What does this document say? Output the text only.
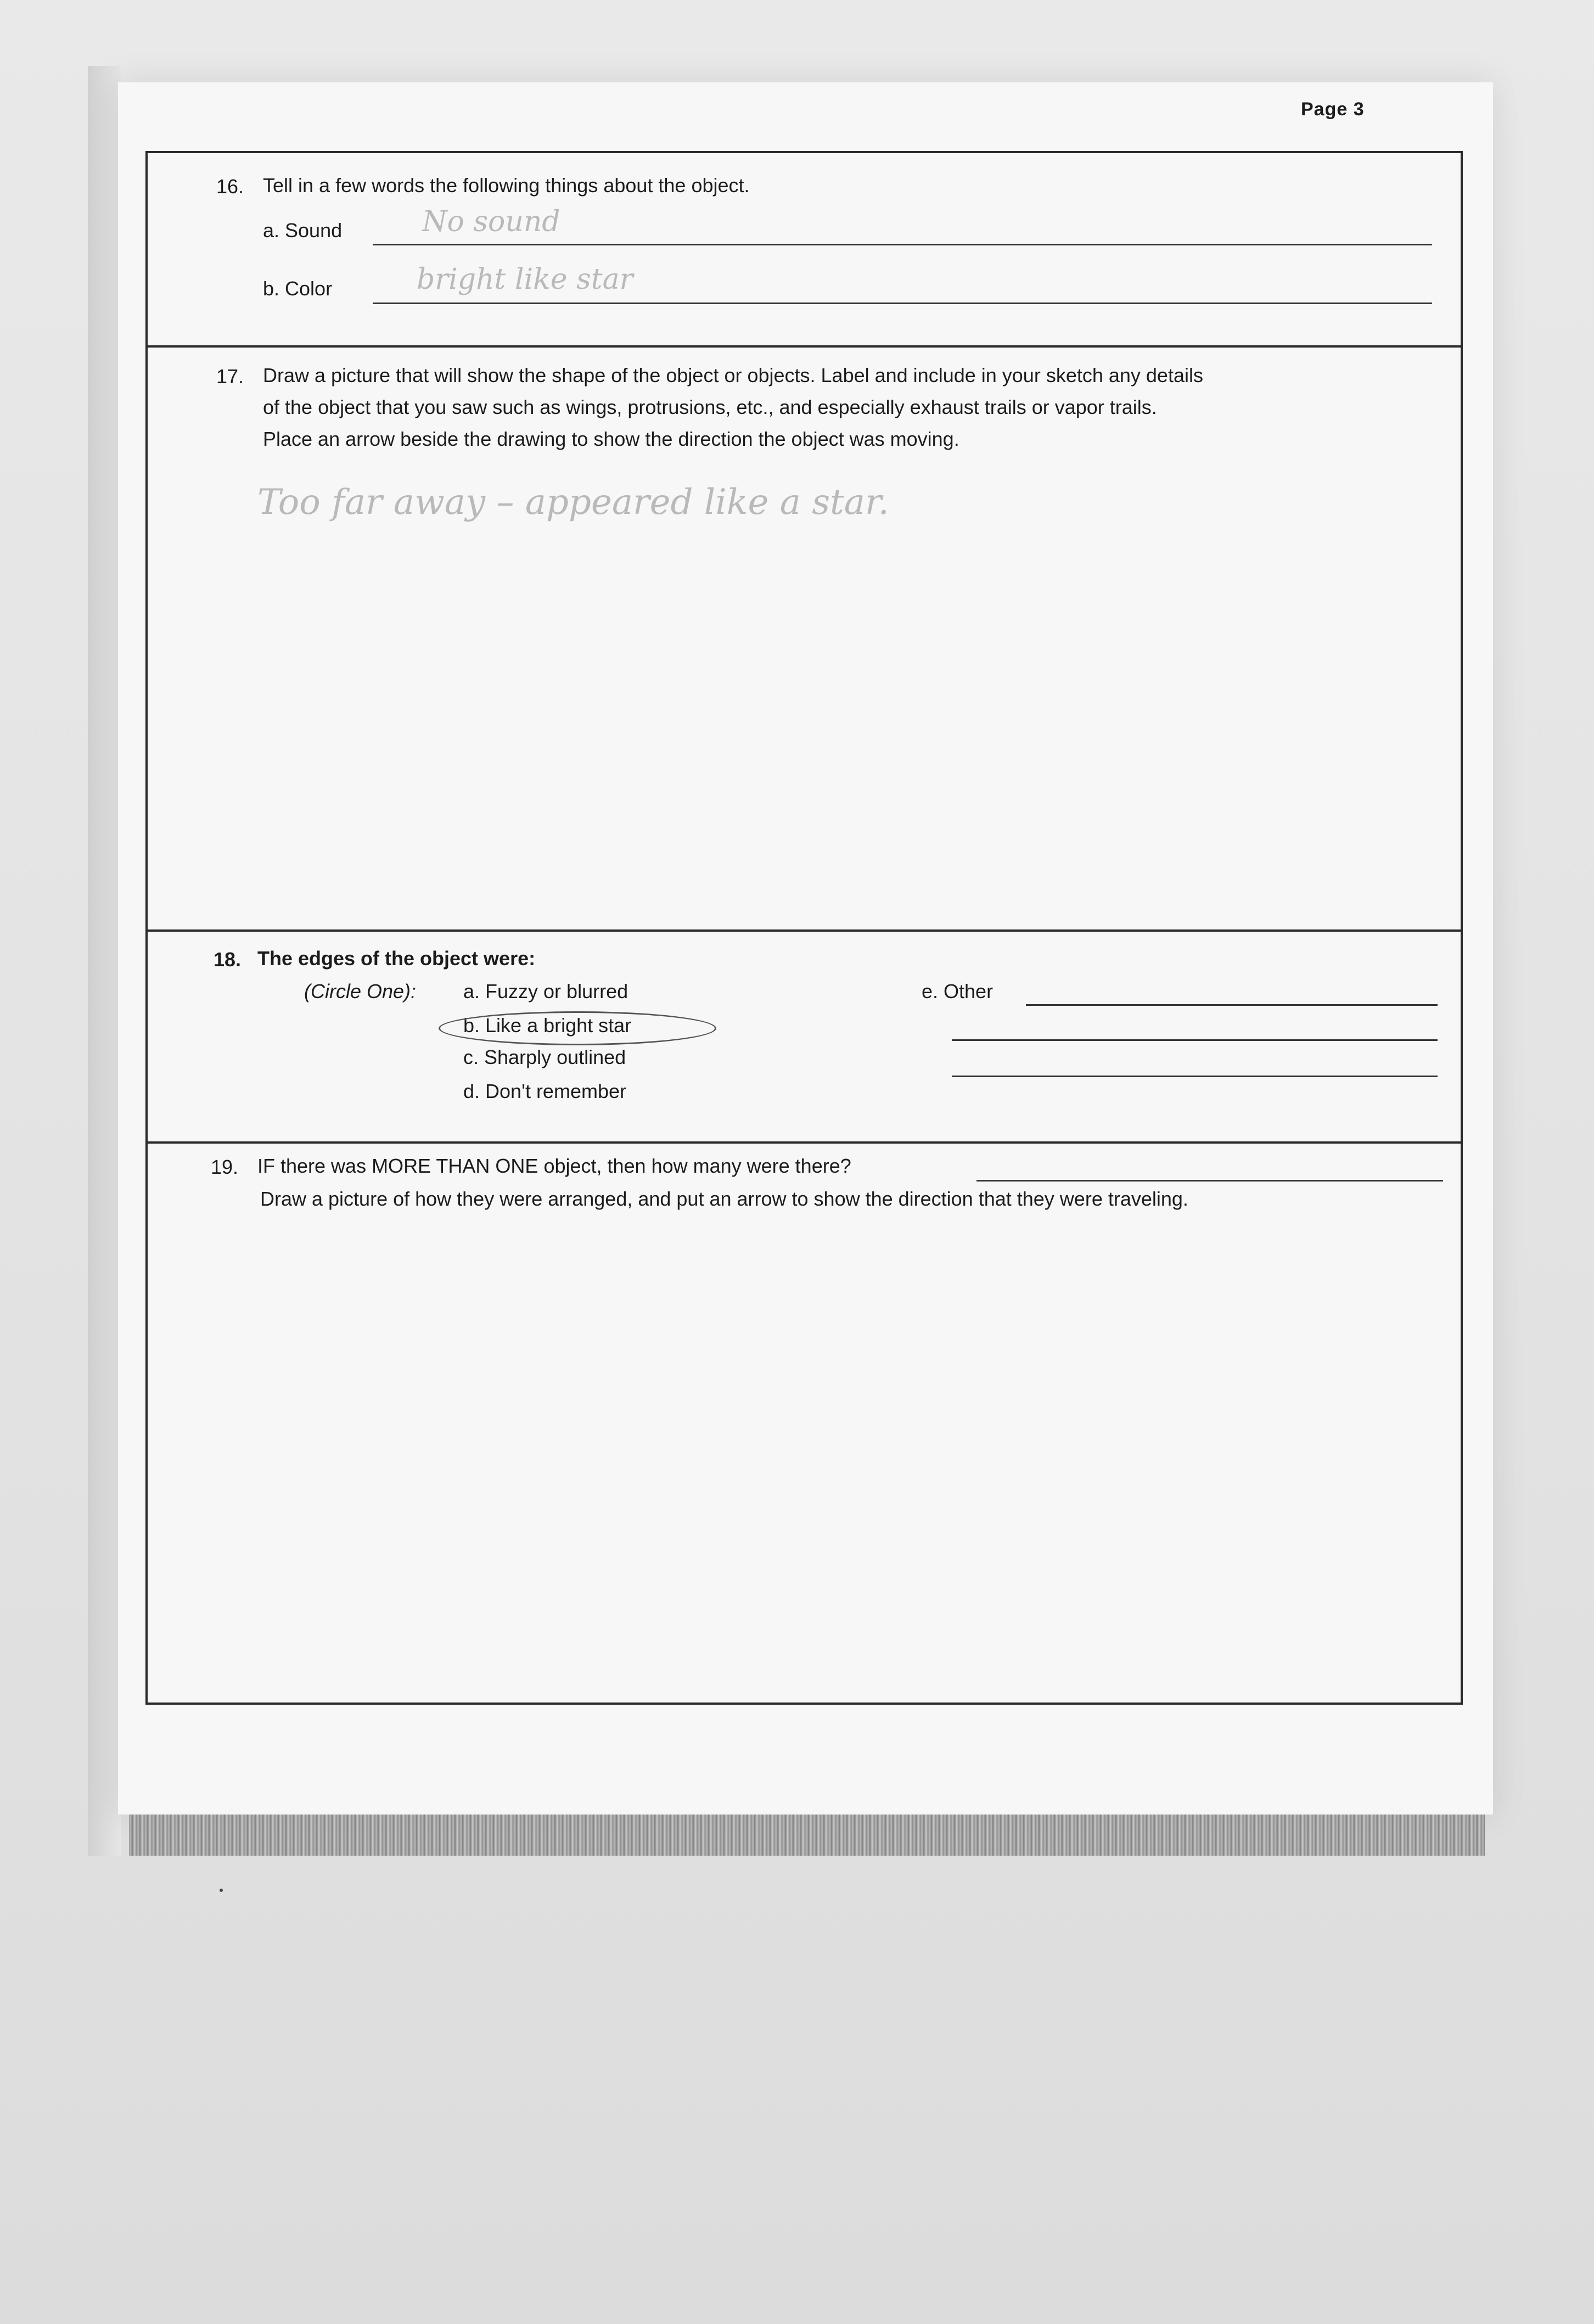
Page 3
16. Tell in a few words the following things about the object.
a. Sound	No sound
b. Color	bright like star
17. Draw a picture that will show the shape of the object or objects. Label and include in your sketch any details
of the object that you saw such as wings, protrusions, etc., and especially exhaust trails or vapor trails.
Place an arrow beside the drawing to show the direction the object was moving.
Too far away – appeared like a star.
18. The edges of the object were:
(Circle One): a. Fuzzy or blurred
b. Like a bright star
c. Sharply outlined
d. Don't remember
e. Other
19. IF there was MORE THAN ONE object, then how many were there?
Draw a picture of how they were arranged, and put an arrow to show the direction that they were traveling.
